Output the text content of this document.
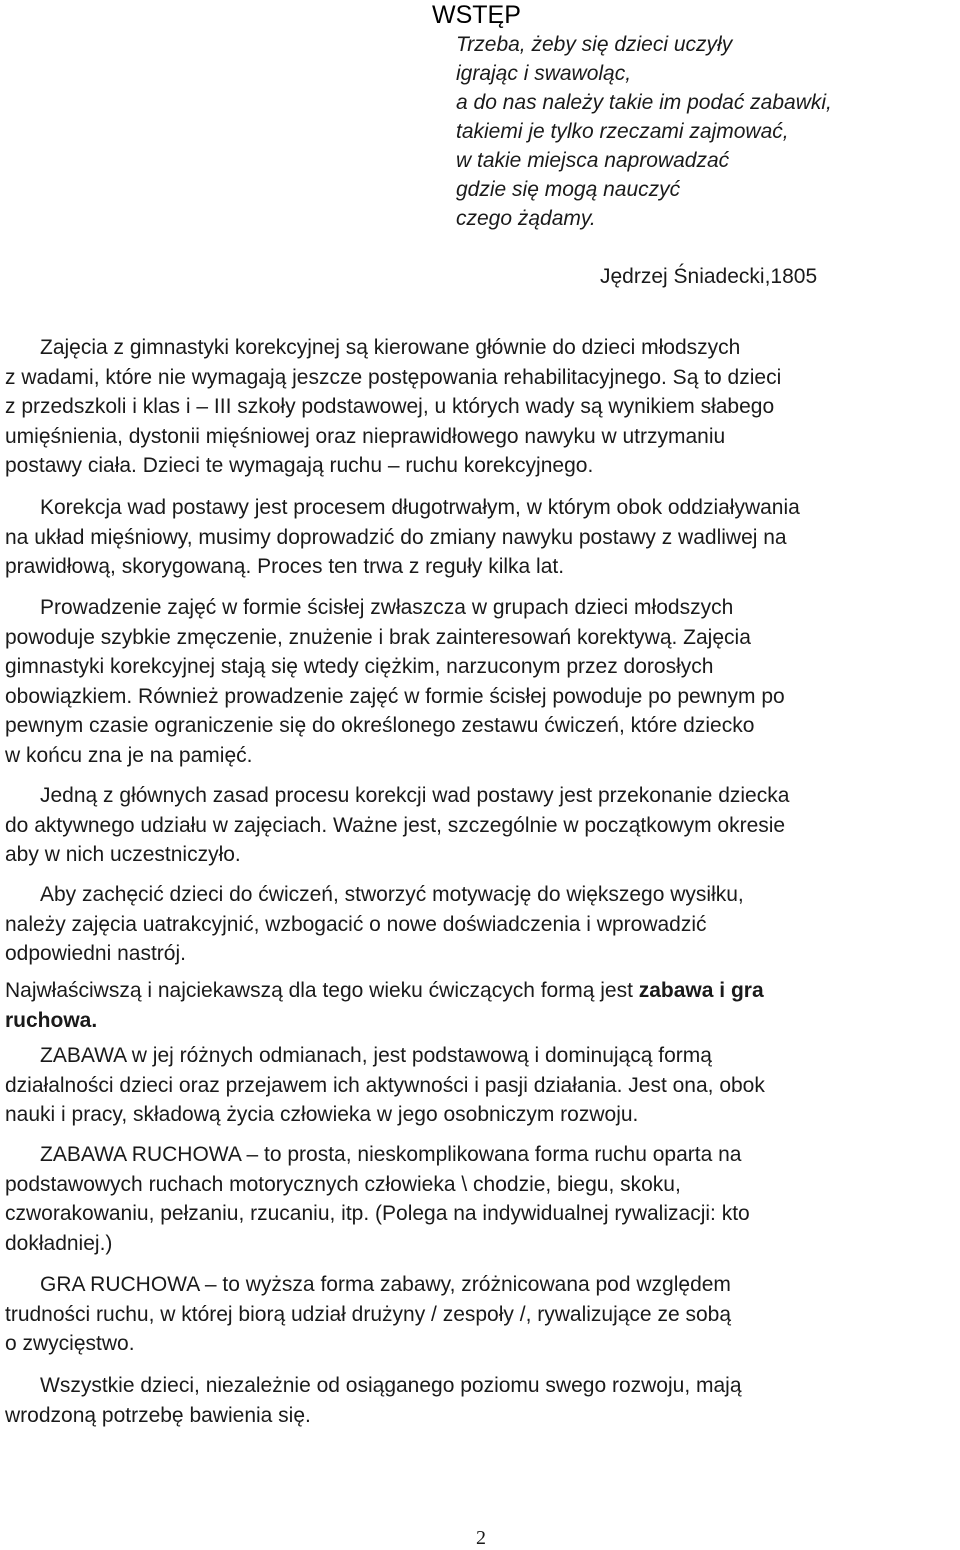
WSTĘP
Trzeba, żeby się dzieci uczyły
igrając i swawoląc,
a do nas należy takie im podać zabawki,
takiemi je tylko rzeczami zajmować,
w takie miejsca naprowadzać
gdzie się mogą nauczyć
czego żądamy.
Jędrzej Śniadecki,1805
Zajęcia z gimnastyki korekcyjnej są kierowane głównie do dzieci młodszych
z wadami, które nie wymagają jeszcze postępowania rehabilitacyjnego. Są to dzieci
z przedszkoli i klas i – III szkoły podstawowej, u których wady są wynikiem słabego
umięśnienia, dystonii mięśniowej oraz nieprawidłowego nawyku w utrzymaniu
postawy ciała. Dzieci te wymagają ruchu – ruchu korekcyjnego.
Korekcja wad postawy jest procesem długotrwałym, w którym obok oddziaływania
na układ mięśniowy, musimy doprowadzić do zmiany nawyku postawy z wadliwej na
prawidłową, skorygowaną. Proces ten trwa z reguły kilka lat.
Prowadzenie zajęć w formie ścisłej zwłaszcza w grupach dzieci młodszych
powoduje szybkie zmęczenie, znużenie i brak zainteresowań korektywą. Zajęcia
gimnastyki korekcyjnej stają się wtedy ciężkim, narzuconym przez dorosłych
obowiązkiem. Również prowadzenie zajęć w formie ścisłej powoduje po pewnym po
pewnym czasie ograniczenie się do określonego zestawu ćwiczeń, które dziecko
w końcu zna je na pamięć.
Jedną z głównych zasad procesu korekcji wad postawy jest przekonanie dziecka
do aktywnego udziału w zajęciach. Ważne jest, szczególnie w początkowym okresie
aby w nich uczestniczyło.
Aby zachęcić dzieci do ćwiczeń, stworzyć motywację do większego wysiłku,
należy zajęcia uatrakcyjnić, wzbogacić o nowe doświadczenia i wprowadzić
odpowiedni nastrój.
Najwłaściwszą i najciekawszą dla tego wieku ćwiczących formą jest zabawa i gra
ruchowa.
ZABAWA w jej różnych odmianach, jest podstawową i dominującą formą
działalności dzieci oraz przejawem ich aktywności i pasji działania. Jest ona, obok
nauki i pracy, składową życia człowieka w jego osobniczym rozwoju.
ZABAWA RUCHOWA – to prosta, nieskomplikowana forma ruchu oparta na
podstawowych ruchach motorycznych człowieka \ chodzie, biegu, skoku,
czworakowaniu, pełzaniu, rzucaniu, itp. (Polega na indywidualnej rywalizacji: kto
dokładniej.)
GRA RUCHOWA – to wyższa forma zabawy, zróżnicowana pod względem
trudności ruchu, w której biorą udział drużyny / zespoły /, rywalizujące ze sobą
o zwycięstwo.
Wszystkie dzieci, niezależnie od osiąganego poziomu swego rozwoju, mają
wrodzoną potrzebę bawienia się.
2
